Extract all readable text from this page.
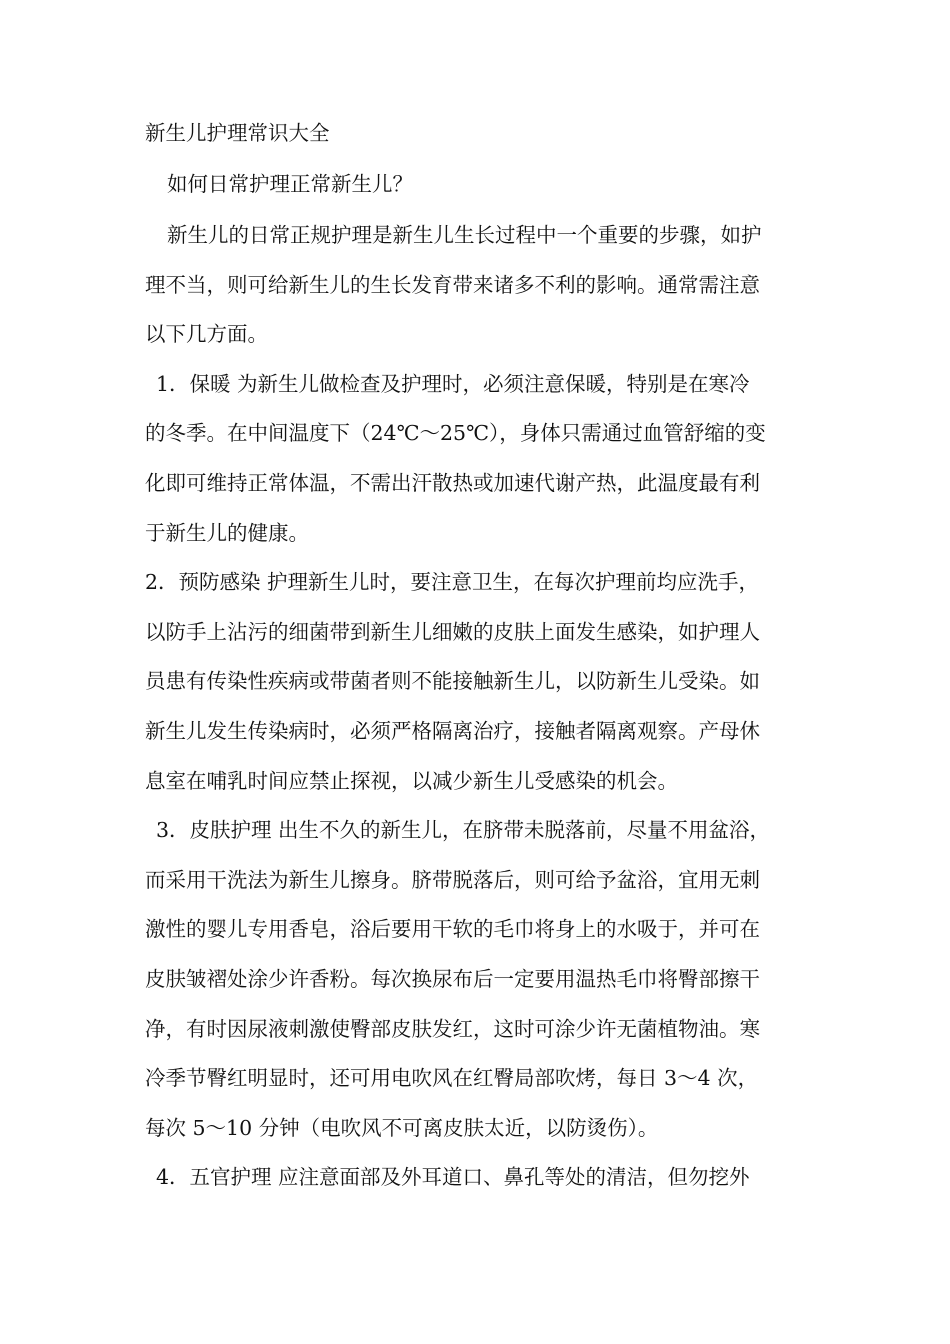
新生儿护理常识大全
如何日常护理正常新生儿？
新生儿的日常正规护理是新生儿生长过程中一个重要的步骤，如护
理不当，则可给新生儿的生长发育带来诸多不利的影响。通常需注意
以下几方面。
1．保暖 为新生儿做检查及护理时，必须注意保暖，特别是在寒冷
的冬季。在中间温度下（24℃～25℃），身体只需通过血管舒缩的变
化即可维持正常体温，不需出汗散热或加速代谢产热，此温度最有利
于新生儿的健康。
2．预防感染 护理新生儿时，要注意卫生，在每次护理前均应洗手，
以防手上沾污的细菌带到新生儿细嫩的皮肤上面发生感染，如护理人
员患有传染性疾病或带菌者则不能接触新生儿，以防新生儿受染。如
新生儿发生传染病时，必须严格隔离治疗，接触者隔离观察。产母休
息室在哺乳时间应禁止探视，以减少新生儿受感染的机会。
3．皮肤护理 出生不久的新生儿，在脐带未脱落前，尽量不用盆浴，
而采用干洗法为新生儿擦身。脐带脱落后，则可给予盆浴，宜用无刺
激性的婴儿专用香皂，浴后要用干软的毛巾将身上的水吸于，并可在
皮肤皱褶处涂少许香粉。每次换尿布后一定要用温热毛巾将臀部擦干
净，有时因尿液刺激使臀部皮肤发红，这时可涂少许无菌植物油。寒
冷季节臀红明显时，还可用电吹风在红臀局部吹烤，每日 3～4 次，
每次 5～10 分钟（电吹风不可离皮肤太近，以防烫伤）。
4．五官护理 应注意面部及外耳道口、鼻孔等处的清洁，但勿挖外
